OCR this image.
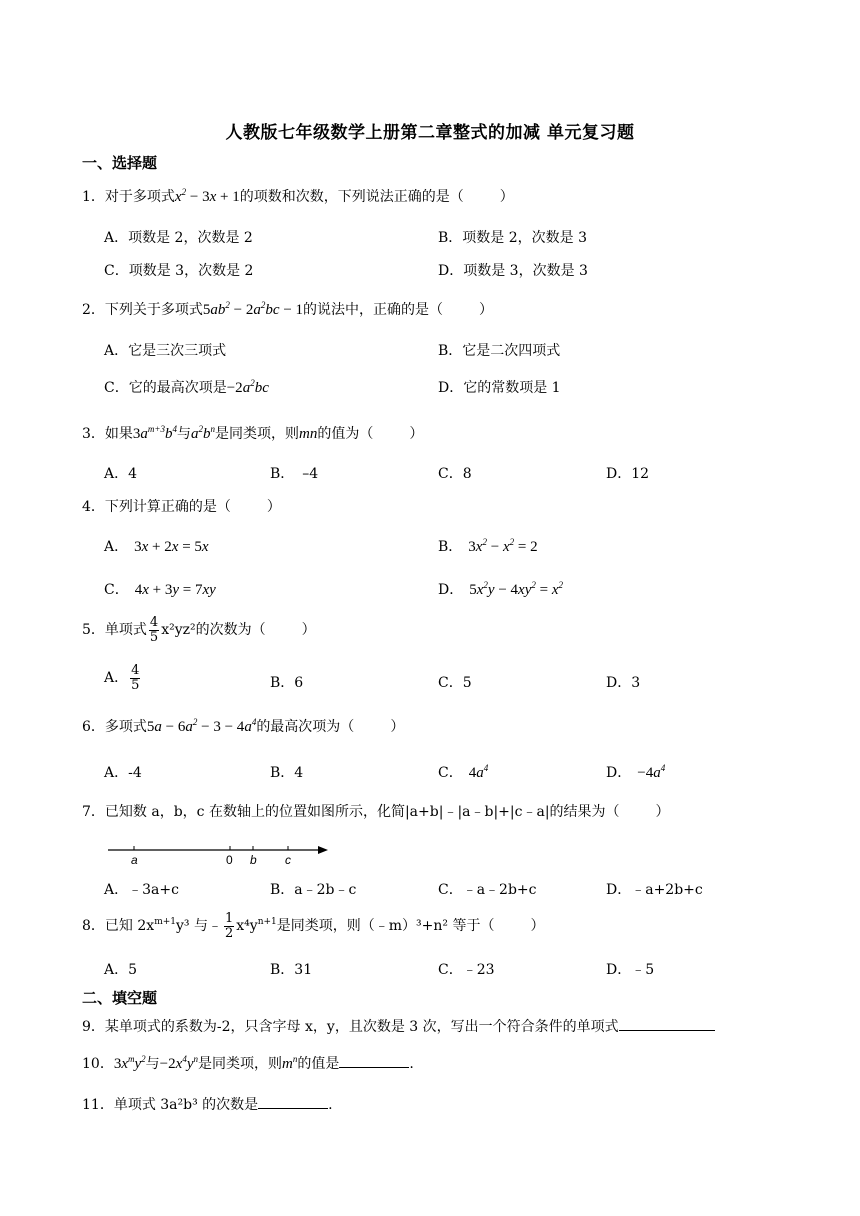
人教版七年级数学上册第二章整式的加减 单元复习题
一、选择题
1．对于多项式$x^2 - 3x + 1$的项数和次数，下列说法正确的是（	）
A．项数是 2，次数是 2	B．项数是 2，次数是 3
C．项数是 3，次数是 2	D．项数是 3，次数是 3
2．下列关于多项式$5ab^2 - 2a^2bc - 1$的说法中，正确的是（	）
A．它是三次三项式	B．它是二次四项式
C．它的最高次项是$-2a^2bc$	D．它的常数项是 1
3．如果$3a^{m+3}b^4$与$a^2b^n$是同类项，则mn的值为（	）
A．4	B． –4	C．8	D．12
4．下列计算正确的是（	）
A． 3x + 2x = 5x	B． $3x^2 - x^2 = 2$
C． 4x + 3y = 7xy	D． $5x^2y - 4xy^2 = x^2$
5．单项式 $\frac{4}{5} x^2yz^2$的次数为（	）
A． $\frac{4}{5}$	B．6	C．5	D．3
6．多项式$5a - 6a^2 - 3 - 4a^4$的最高次项为（	）
A．-4	B．4	C． $4a^4$	D． $-4a^4$
7．已知数 a，b，c 在数轴上的位置如图所示，化简|a+b|﹣|a﹣b|+|c﹣a|的结果为（	）
a	0 b c
A．﹣3a+c	B．a﹣2b﹣c	C．﹣a﹣2b+c	D．﹣a+2b+c
8．已知 $2x^{m+1}y^3$ 与﹣ $\frac{1}{2} x^4y^{n+1}$是同类项，则（﹣m）³+n² 等于（	）
A．5	B．31	C．﹣23	D．﹣5
二、填空题
9．某单项式的系数为-2，只含字母 x，y，且次数是 3 次，写出一个符合条件的单项式
10．$3x^my^2$与$-2x^4y^n$是同类项，则$m^n$的值是	.
11．单项式 3a²b³ 的次数是	.
